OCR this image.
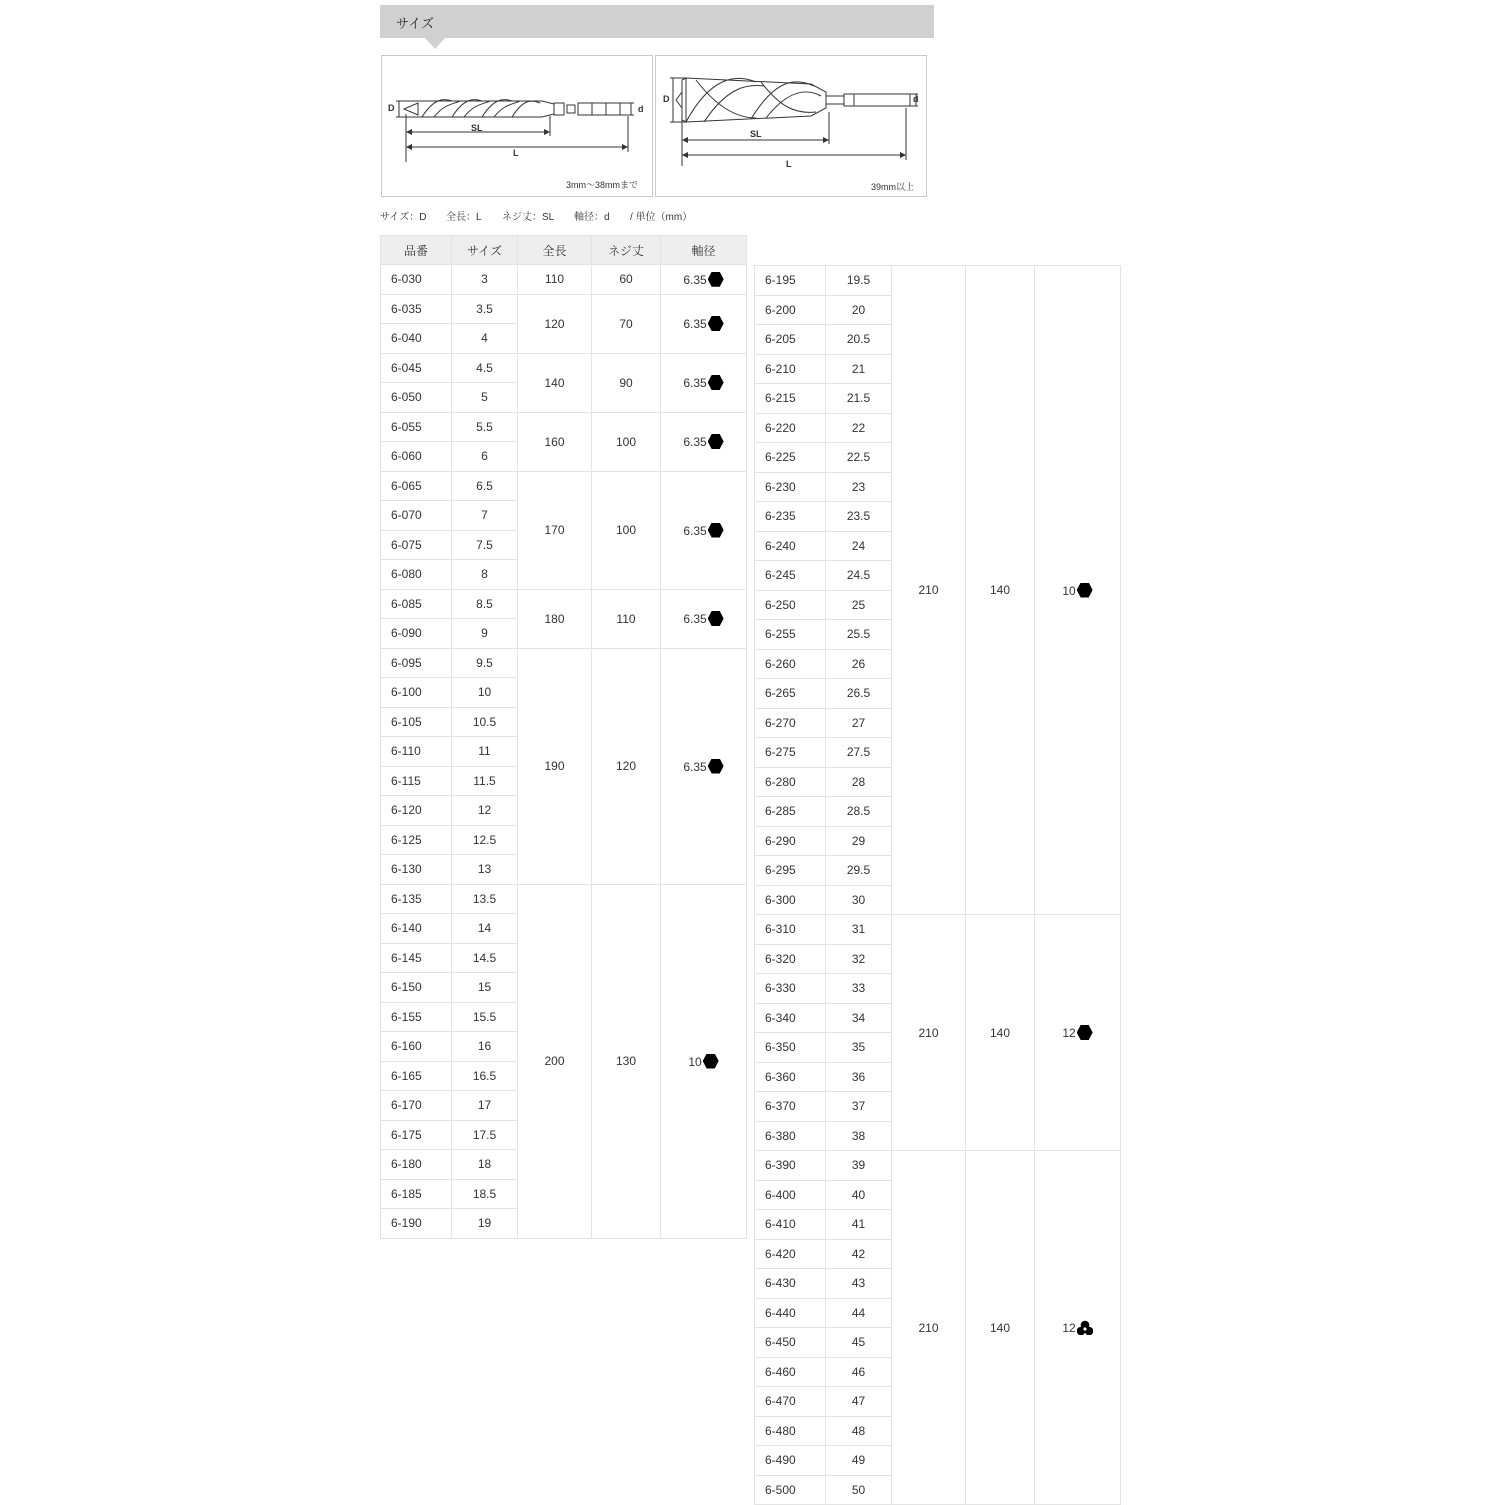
サイズ
D
SL
L
d
3mm～38mmまで
D
SL
L
d
39mm以上
サイズ：D 全長：L ネジ丈：SL 軸径：d / 単位（mm）
品番	サイズ	全長	ネジ丈	軸径
6-030	3	110	60	6.35
6-035	3.5	120	70	6.35
6-040	4			
6-045	4.5	140	90	6.35
6-050	5			
6-055	5.5	160	100	6.35
6-060	6			
6-065	6.5	170	100	6.35
6-070	7			
6-075	7.5			
6-080	8			
6-085	8.5	180	110	6.35
6-090	9			
6-095	9.5	190	120	6.35
6-100	10			
6-105	10.5			
6-110	11			
6-115	11.5			
6-120	12			
6-125	12.5			
6-130	13			
6-135	13.5	200	130	10
6-140	14			
6-145	14.5			
6-150	15			
6-155	15.5			
6-160	16			
6-165	16.5			
6-170	17			
6-175	17.5			
6-180	18			
6-185	18.5			
6-190	19			
6-195	19.5	210	140	10
6-200	20			
6-205	20.5			
6-210	21			
6-215	21.5			
6-220	22			
6-225	22.5			
6-230	23			
6-235	23.5			
6-240	24			
6-245	24.5			
6-250	25			
6-255	25.5			
6-260	26			
6-265	26.5			
6-270	27			
6-275	27.5			
6-280	28			
6-285	28.5			
6-290	29			
6-295	29.5			
6-300	30			
6-310	31	210	140	12
6-320	32			
6-330	33			
6-340	34			
6-350	35			
6-360	36			
6-370	37			
6-380	38			
6-390	39	210	140	12
6-400	40			
6-410	41			
6-420	42			
6-430	43			
6-440	44			
6-450	45			
6-460	46			
6-470	47			
6-480	48			
6-490	49			
6-500	50			
